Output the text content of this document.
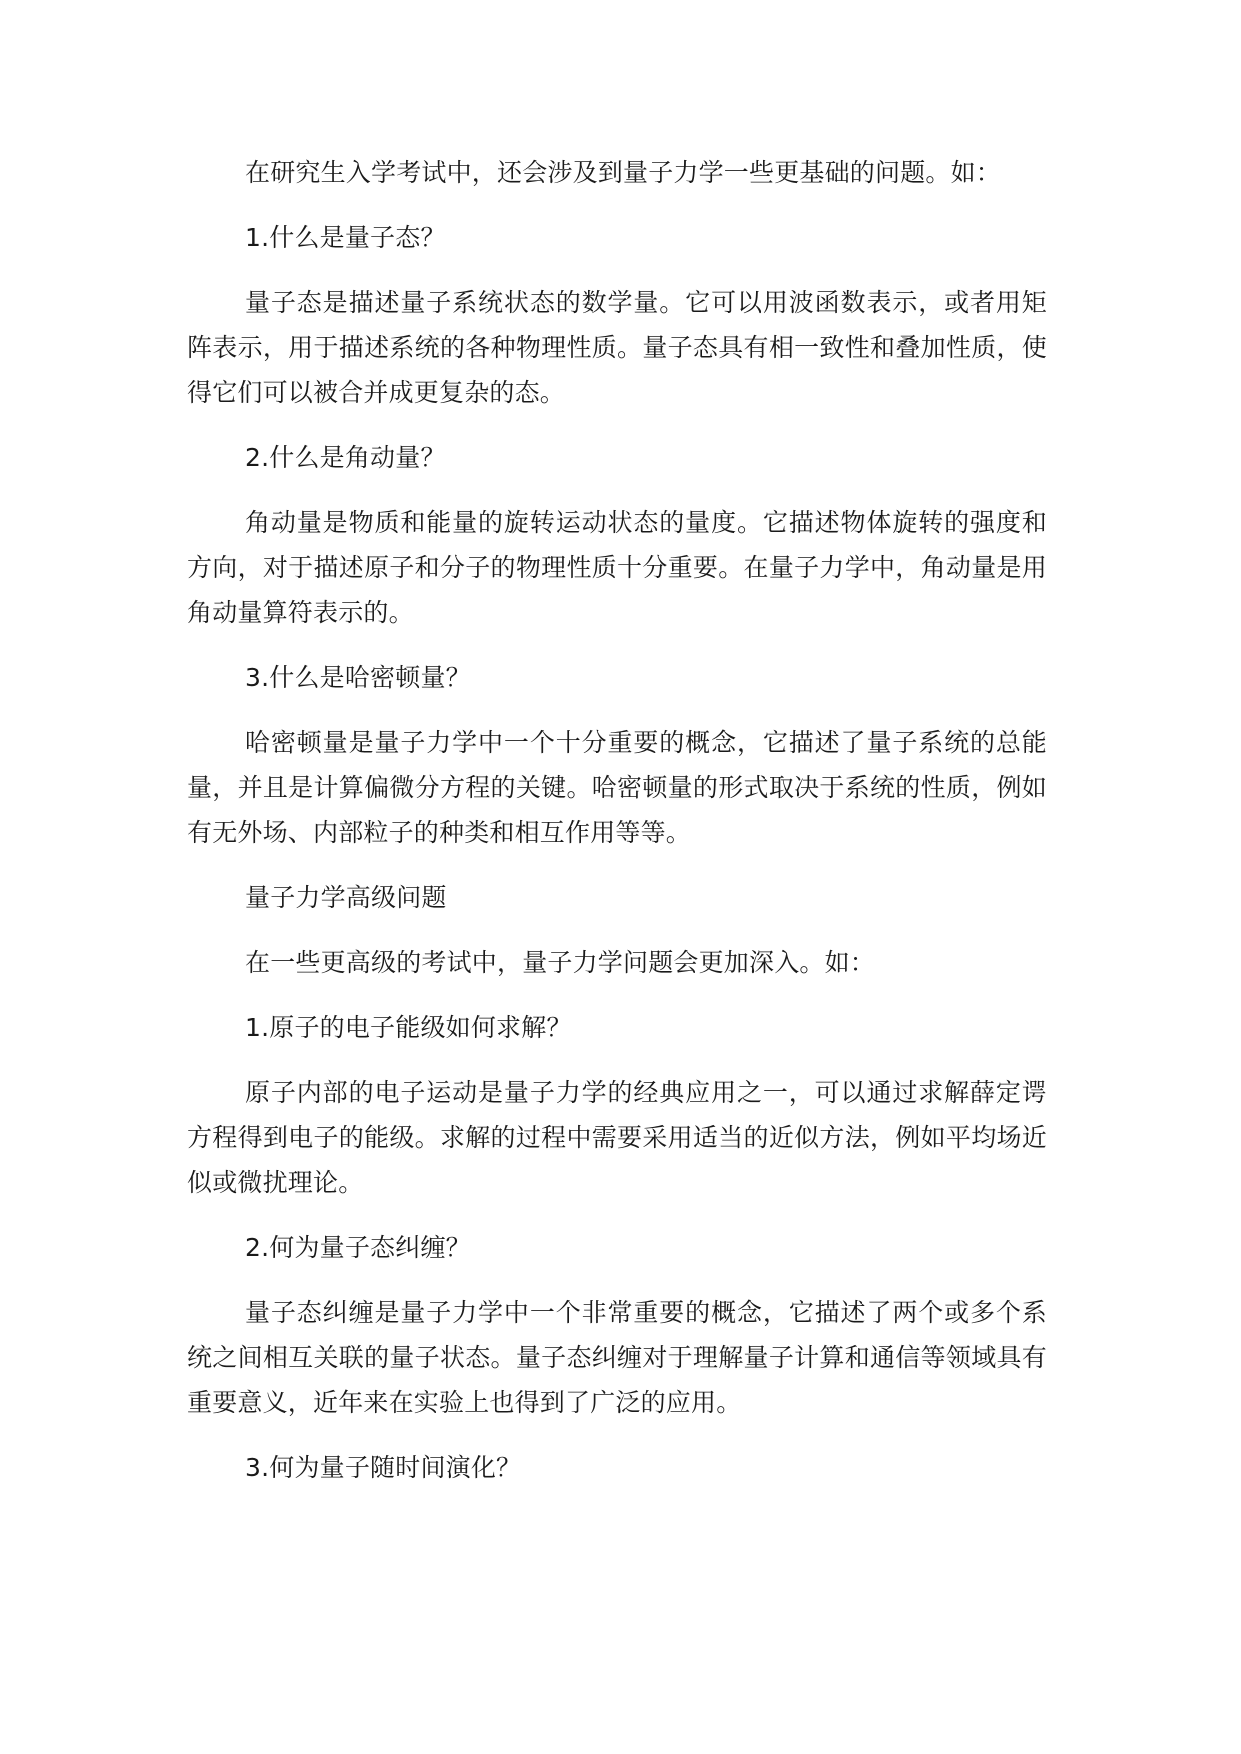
在研究生入学考试中，还会涉及到量子力学一些更基础的问题。如：

1.什么是量子态？

量子态是描述量子系统状态的数学量。它可以用波函数表示，或者用矩阵表示，用于描述系统的各种物理性质。量子态具有相一致性和叠加性质，使得它们可以被合并成更复杂的态。

2.什么是角动量？

角动量是物质和能量的旋转运动状态的量度。它描述物体旋转的强度和方向，对于描述原子和分子的物理性质十分重要。在量子力学中，角动量是用角动量算符表示的。

3.什么是哈密顿量？

哈密顿量是量子力学中一个十分重要的概念，它描述了量子系统的总能量，并且是计算偏微分方程的关键。哈密顿量的形式取决于系统的性质，例如有无外场、内部粒子的种类和相互作用等等。

量子力学高级问题

在一些更高级的考试中，量子力学问题会更加深入。如：

1.原子的电子能级如何求解？

原子内部的电子运动是量子力学的经典应用之一，可以通过求解薛定谔方程得到电子的能级。求解的过程中需要采用适当的近似方法，例如平均场近似或微扰理论。

2.何为量子态纠缠？

量子态纠缠是量子力学中一个非常重要的概念，它描述了两个或多个系统之间相互关联的量子状态。量子态纠缠对于理解量子计算和通信等领域具有重要意义，近年来在实验上也得到了广泛的应用。

3.何为量子随时间演化？
